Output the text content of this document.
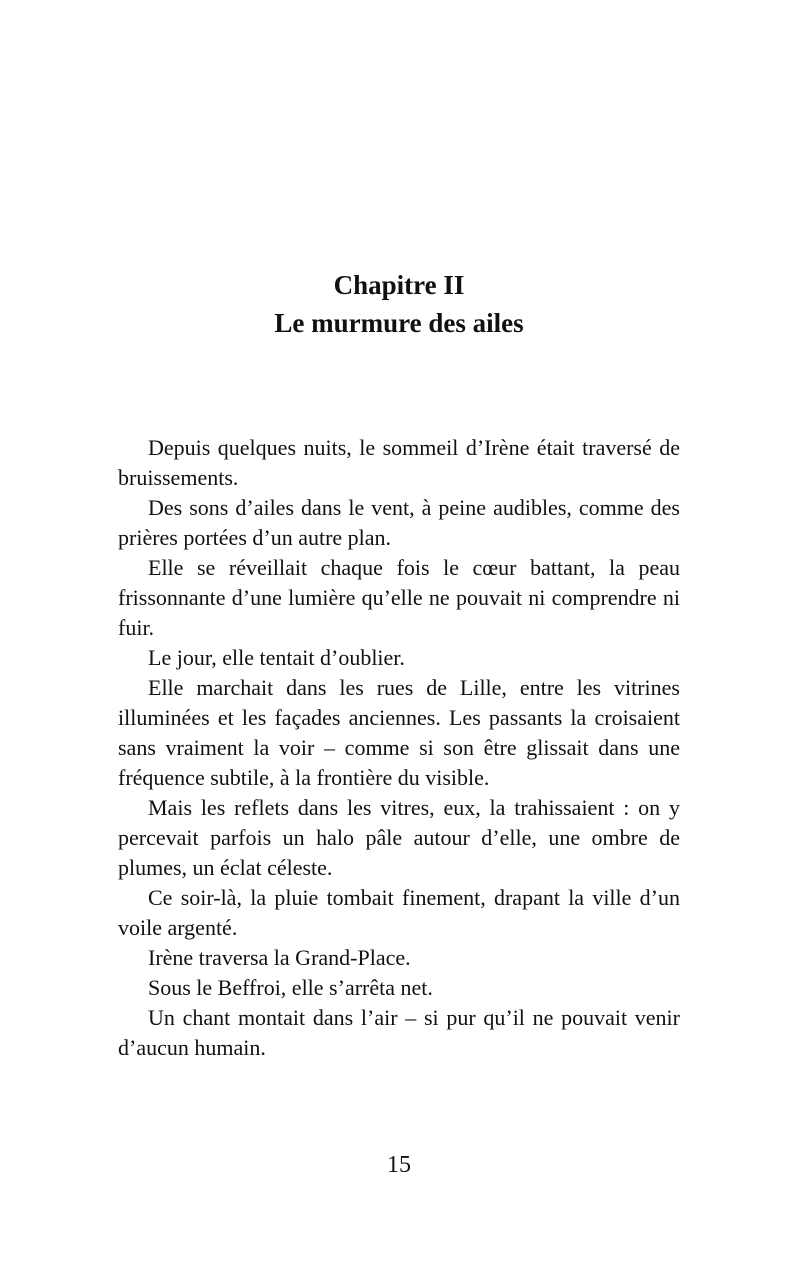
Chapitre II
Le murmure des ailes

Depuis quelques nuits, le sommeil d’Irène était traversé de bruissements.

Des sons d’ailes dans le vent, à peine audibles, comme des prières portées d’un autre plan.

Elle se réveillait chaque fois le cœur battant, la peau frissonnante d’une lumière qu’elle ne pouvait ni comprendre ni fuir.

Le jour, elle tentait d’oublier.

Elle marchait dans les rues de Lille, entre les vitrines illuminées et les façades anciennes. Les passants la croisaient sans vraiment la voir – comme si son être glissait dans une fréquence subtile, à la frontière du visible.

Mais les reflets dans les vitres, eux, la trahissaient : on y percevait parfois un halo pâle autour d’elle, une ombre de plumes, un éclat céleste.

Ce soir-là, la pluie tombait finement, drapant la ville d’un voile argenté.

Irène traversa la Grand-Place.

Sous le Beffroi, elle s’arrêta net.

Un chant montait dans l’air – si pur qu’il ne pouvait venir d’aucun humain.

15
